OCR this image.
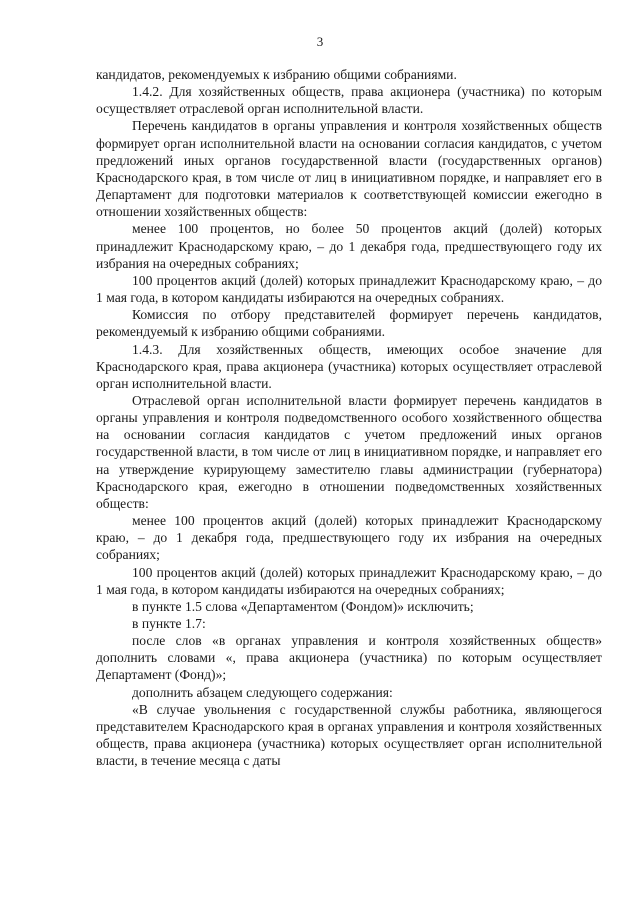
3

кандидатов, рекомендуемых к избранию общими собраниями.

1.4.2. Для хозяйственных обществ, права акционера (участника) по которым осуществляет отраслевой орган исполнительной власти.

Перечень кандидатов в органы управления и контроля хозяйственных обществ формирует орган исполнительной власти на основании согласия кандидатов, с учетом предложений иных органов государственной власти (государственных органов) Краснодарского края, в том числе от лиц в инициативном порядке, и направляет его в Департамент для подготовки материалов к соответствующей комиссии ежегодно в отношении хозяйственных обществ:

менее 100 процентов, но более 50 процентов акций (долей) которых принадлежит Краснодарскому краю, – до 1 декабря года, предшествующего году их избрания на очередных собраниях;

100 процентов акций (долей) которых принадлежит Краснодарскому краю, – до 1 мая года, в котором кандидаты избираются на очередных собраниях.

Комиссия по отбору представителей формирует перечень кандидатов, рекомендуемый к избранию общими собраниями.

1.4.3. Для хозяйственных обществ, имеющих особое значение для Краснодарского края, права акционера (участника) которых осуществляет отраслевой орган исполнительной власти.

Отраслевой орган исполнительной власти формирует перечень кандидатов в органы управления и контроля подведомственного особого хозяйственного общества на основании согласия кандидатов с учетом предложений иных органов государственной власти, в том числе от лиц в инициативном порядке, и направляет его на утверждение курирующему заместителю главы администрации (губернатора) Краснодарского края, ежегодно в отношении подведомственных хозяйственных обществ:

менее 100 процентов акций (долей) которых принадлежит Краснодарскому краю, – до 1 декабря года, предшествующего году их избрания на очередных собраниях;

100 процентов акций (долей) которых принадлежит Краснодарскому краю, – до 1 мая года, в котором кандидаты избираются на очередных собраниях;

в пункте 1.5 слова «Департаментом (Фондом)» исключить;

в пункте 1.7:

после слов «в органах управления и контроля хозяйственных обществ» дополнить словами «, права акционера (участника) по которым осуществляет Департамент (Фонд)»;

дополнить абзацем следующего содержания:

«В случае увольнения с государственной службы работника, являющегося представителем Краснодарского края в органах управления и контроля хозяйственных обществ, права акционера (участника) которых осуществляет орган исполнительной власти, в течение месяца с даты
